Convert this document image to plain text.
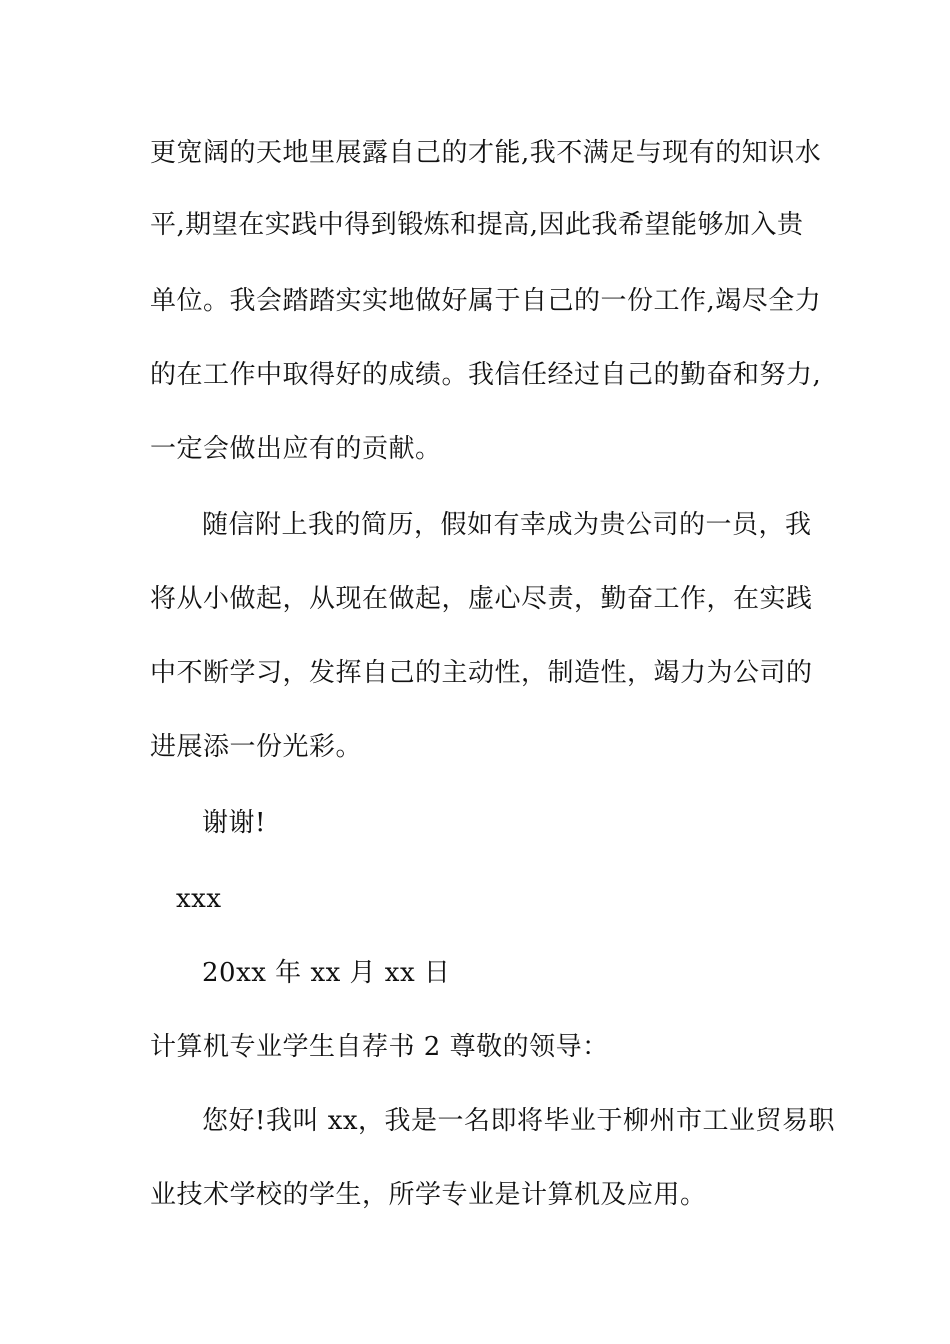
更宽阔的天地里展露自己的才能,我不满足与现有的知识水
平,期望在实践中得到锻炼和提高,因此我希望能够加入贵
单位。我会踏踏实实地做好属于自己的一份工作,竭尽全力
的在工作中取得好的成绩。我信任经过自己的勤奋和努力,
一定会做出应有的贡献。
随信附上我的简历，假如有幸成为贵公司的一员，我
将从小做起，从现在做起，虚心尽责，勤奋工作，在实践
中不断学习，发挥自己的主动性，制造性，竭力为公司的
进展添一份光彩。
谢谢!
xxx
20xx 年 xx 月 xx 日
计算机专业学生自荐书 2 尊敬的领导：
您好!我叫 xx，我是一名即将毕业于柳州市工业贸易职
业技术学校的学生，所学专业是计算机及应用。
